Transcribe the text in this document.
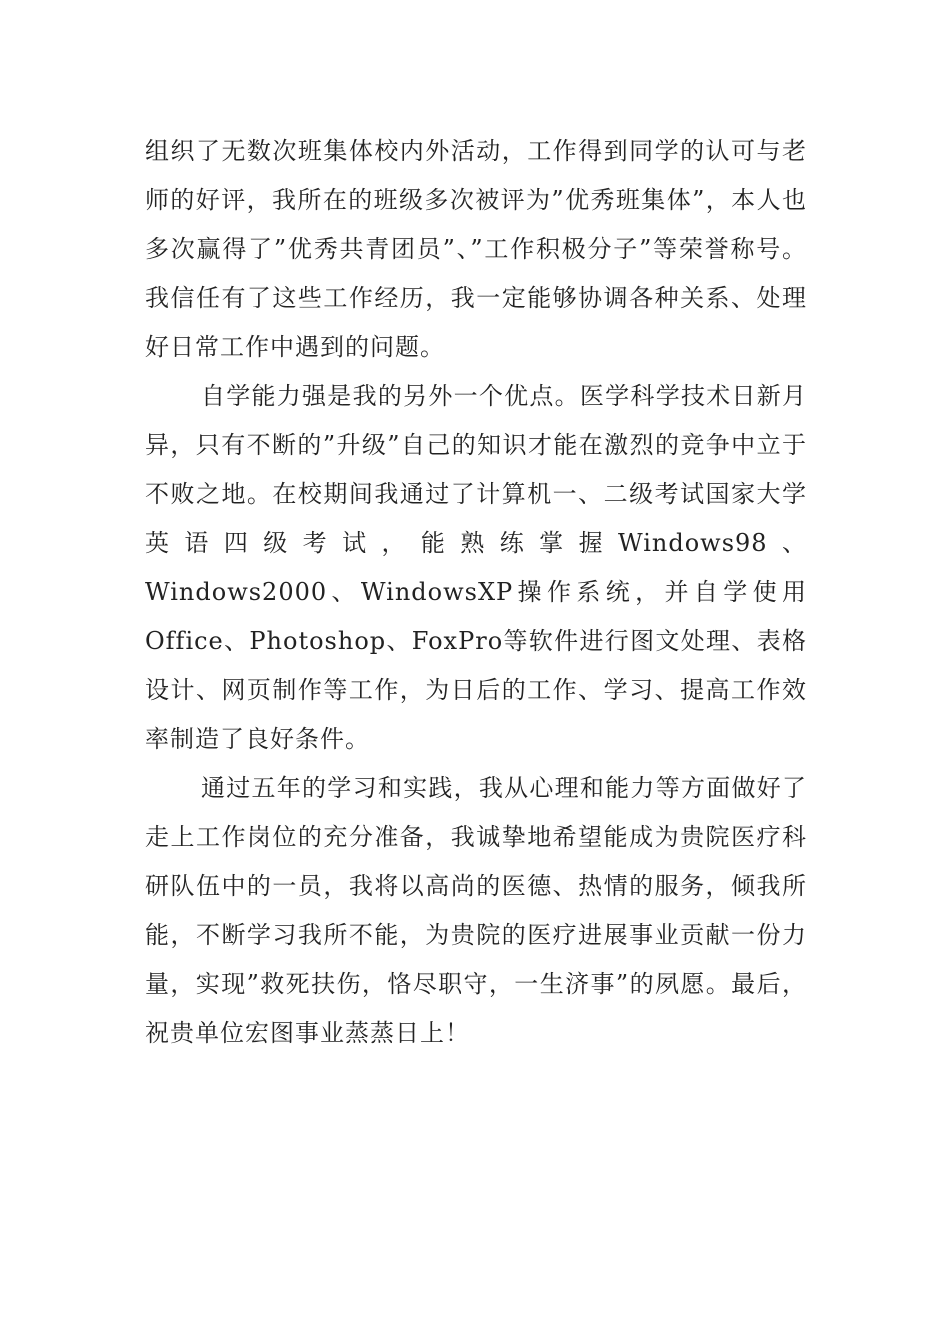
组织了无数次班集体校内外活动，工作得到同学的认可与老师的好评，我所在的班级多次被评为”优秀班集体”，本人也多次赢得了”优秀共青团员”、”工作积极分子”等荣誉称号。我信任有了这些工作经历，我一定能够协调各种关系、处理好日常工作中遇到的问题。

自学能力强是我的另外一个优点。医学科学技术日新月异，只有不断的”升级”自己的知识才能在激烈的竞争中立于不败之地。在校期间我通过了计算机一、二级考试国家大学英语四级考试，能熟练掌握Windows98、Windows2000、WindowsXP操作系统，并自学使用Office、Photoshop、FoxPro等软件进行图文处理、表格设计、网页制作等工作，为日后的工作、学习、提高工作效率制造了良好条件。

通过五年的学习和实践，我从心理和能力等方面做好了走上工作岗位的充分准备，我诚挚地希望能成为贵院医疗科研队伍中的一员，我将以高尚的医德、热情的服务，倾我所能，不断学习我所不能，为贵院的医疗进展事业贡献一份力量，实现”救死扶伤，恪尽职守，一生济事”的夙愿。最后，祝贵单位宏图事业蒸蒸日上！
